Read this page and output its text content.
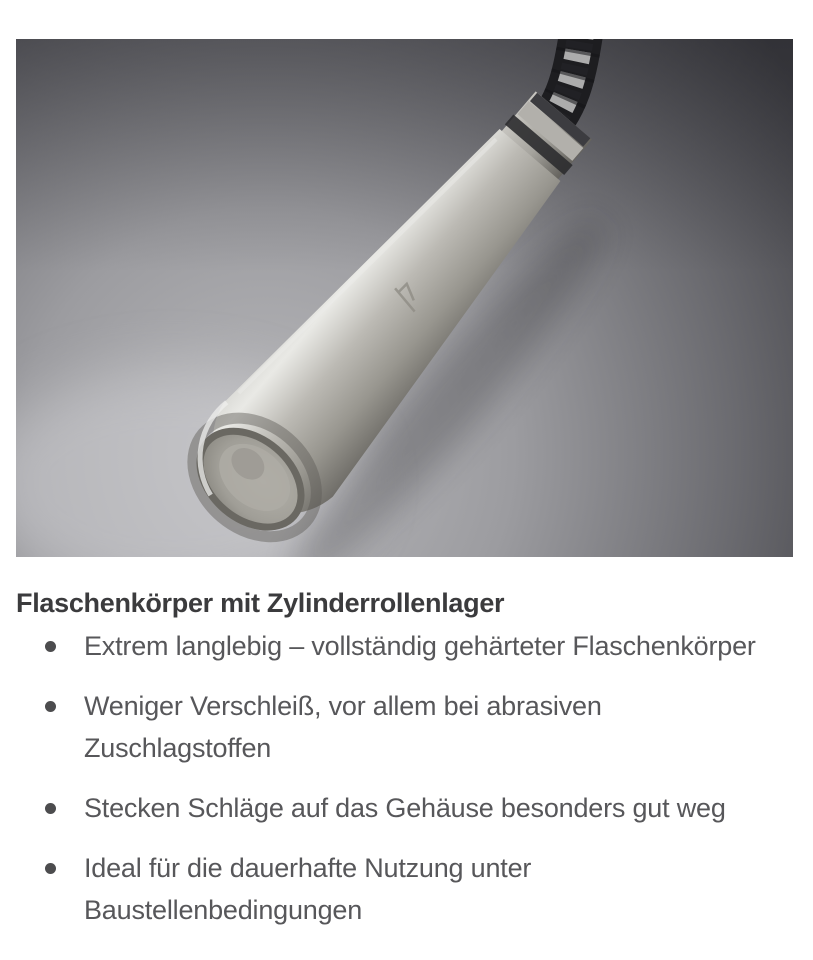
Flaschenkörper mit Zylinderrollenlager
Extrem langlebig – vollständig gehärteter Flaschenkörper
Weniger Verschleiß, vor allem bei abrasiven
Zuschlagstoffen
Stecken Schläge auf das Gehäuse besonders gut weg
Ideal für die dauerhafte Nutzung unter
Baustellenbedingungen
